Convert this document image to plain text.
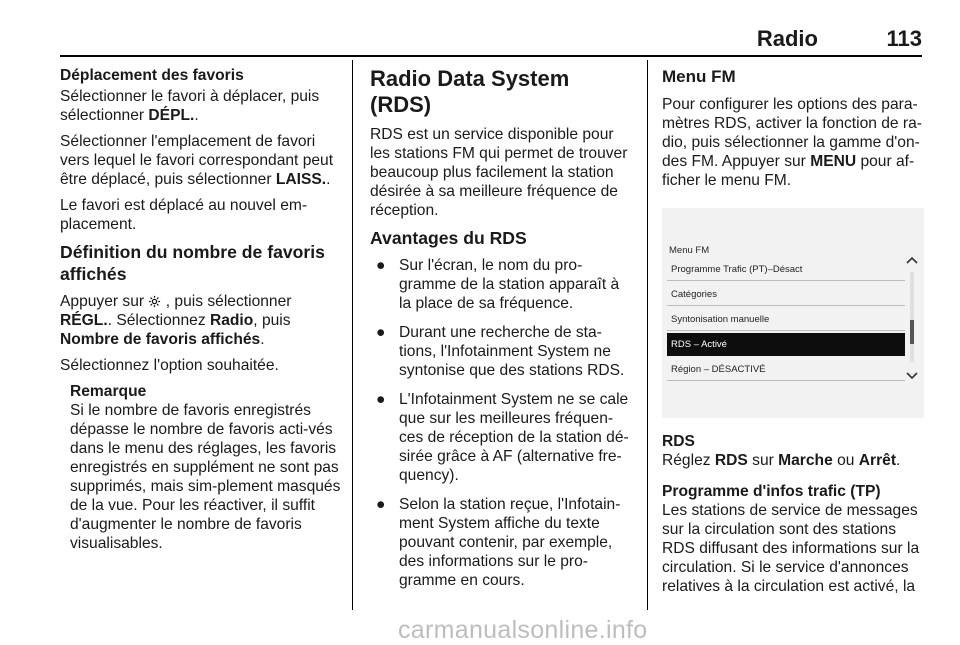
Radio	113

Déplacement des favoris

Sélectionner le favori à déplacer, puis sélectionner DÉPL..

Sélectionner l'emplacement de favori vers lequel le favori correspondant peut être déplacé, puis sélectionner LAISS..

Le favori est déplacé au nouvel em-placement.

Définition du nombre de favoris affichés

Appuyer sur  , puis sélectionner RÉGL.. Sélectionnez Radio, puis Nombre de favoris affichés.

Sélectionnez l'option souhaitée.

Remarque
Si le nombre de favoris enregistrés dépasse le nombre de favoris acti-vés dans le menu des réglages, les favoris enregistrés en supplément ne sont pas supprimés, mais sim-plement masqués de la vue. Pour les réactiver, il suffit d'augmenter le nombre de favoris visualisables.

Radio Data System (RDS)

RDS est un service disponible pour les stations FM qui permet de trouver beaucoup plus facilement la station désirée à sa meilleure fréquence de réception.

Avantages du RDS

● Sur l'écran, le nom du pro-gramme de la station apparaît à la place de sa fréquence.
● Durant une recherche de sta-tions, l'Infotainment System ne syntonise que des stations RDS.
● L'Infotainment System ne se cale que sur les meilleures fréquen-ces de réception de la station dé-sirée grâce à AF (alternative fre-quency).
● Selon la station reçue, l'Infotain-ment System affiche du texte pouvant contenir, par exemple, des informations sur le pro-gramme en cours.

Menu FM

Pour configurer les options des para-mètres RDS, activer la fonction de ra-dio, puis sélectionner la gamme d'on-des FM. Appuyer sur MENU pour af-ficher le menu FM.

Menu FM
Programme Trafic (PT)–Désact
Catégories
Syntonisation manuelle
RDS – Activé
Région – DÉSACTIVÉ

RDS

Réglez RDS sur Marche ou Arrêt.

Programme d'infos trafic (TP)

Les stations de service de messages sur la circulation sont des stations RDS diffusant des informations sur la circulation. Si le service d'annonces relatives à la circulation est activé, la

carmanualsonline.info
